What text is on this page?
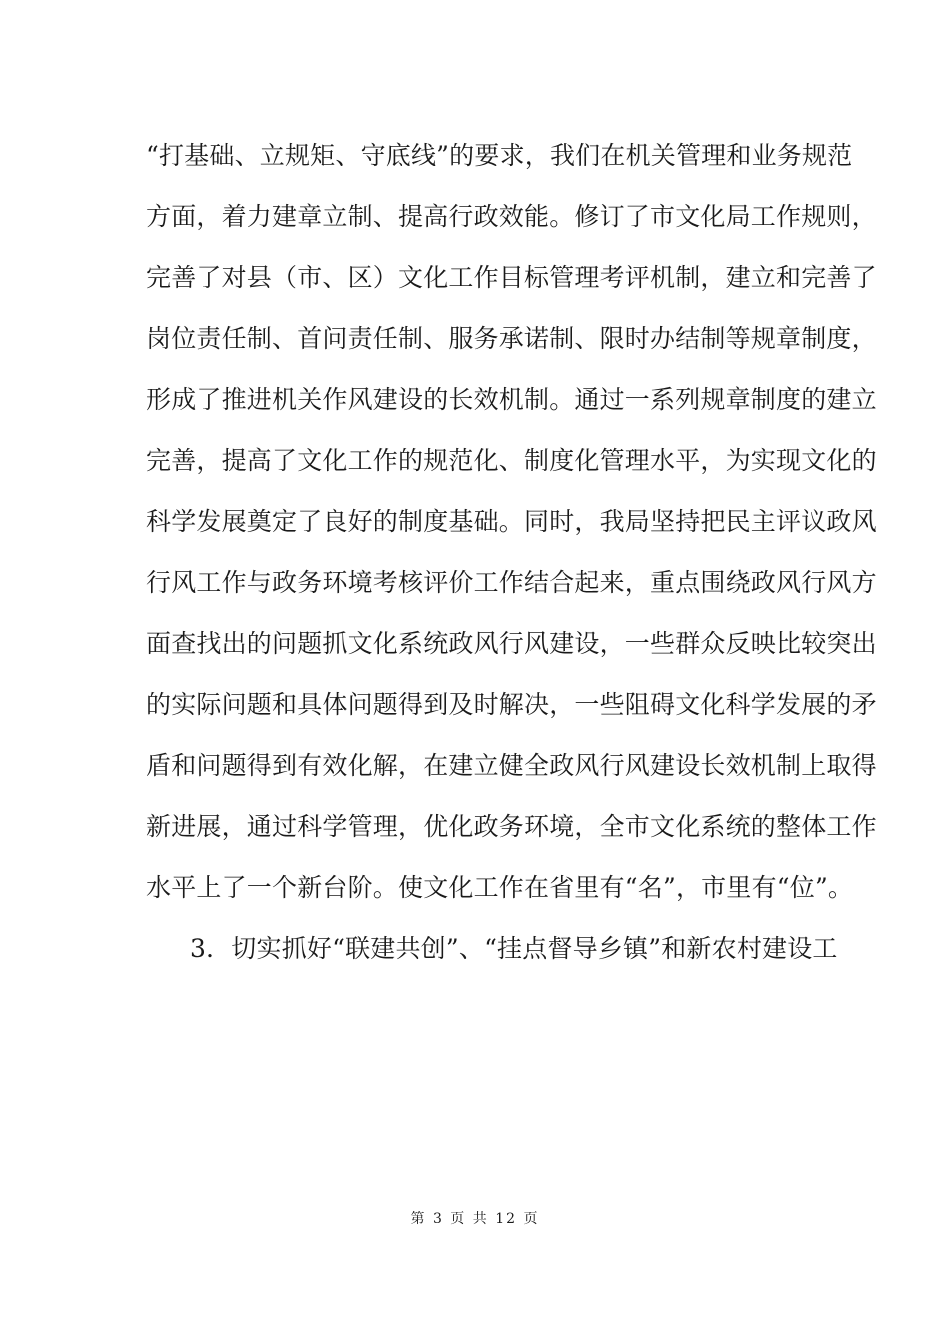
“打基础、立规矩、守底线”的要求，我们在机关管理和业务规范
方面，着力建章立制、提高行政效能。修订了市文化局工作规则，
完善了对县（市、区）文化工作目标管理考评机制，建立和完善了
岗位责任制、首问责任制、服务承诺制、限时办结制等规章制度，
形成了推进机关作风建设的长效机制。通过一系列规章制度的建立
完善，提高了文化工作的规范化、制度化管理水平，为实现文化的
科学发展奠定了良好的制度基础。同时，我局坚持把民主评议政风
行风工作与政务环境考核评价工作结合起来，重点围绕政风行风方
面查找出的问题抓文化系统政风行风建设，一些群众反映比较突出
的实际问题和具体问题得到及时解决，一些阻碍文化科学发展的矛
盾和问题得到有效化解，在建立健全政风行风建设长效机制上取得
新进展，通过科学管理，优化政务环境，全市文化系统的整体工作
水平上了一个新台阶。使文化工作在省里有“名”，市里有“位”。
3．切实抓好“联建共创”、“挂点督导乡镇”和新农村建设工
第 3 页 共 12 页
